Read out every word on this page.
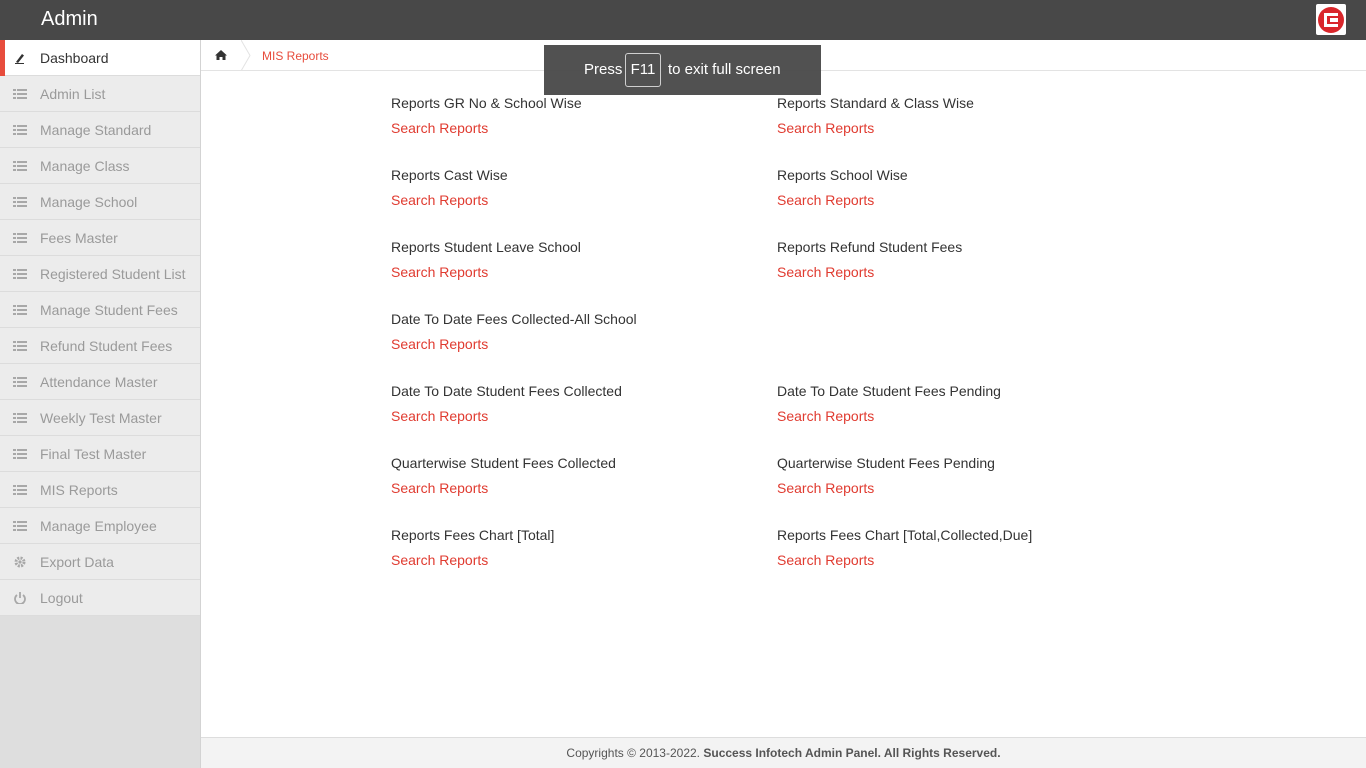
Admin
Dashboard
Admin List
Manage Standard
Manage Class
Manage School
Fees Master
Registered Student List
Manage Student Fees
Refund Student Fees
Attendance Master
Weekly Test Master
Final Test Master
MIS Reports
Manage Employee
Export Data
Logout
MIS Reports
Reports GR No & School Wise
Search Reports
Reports Standard & Class Wise
Search Reports
Reports Cast Wise
Search Reports
Reports School Wise
Search Reports
Reports Student Leave School
Search Reports
Reports Refund Student Fees
Search Reports
Date To Date Fees Collected-All School
Search Reports
Date To Date Student Fees Collected
Search Reports
Date To Date Student Fees Pending
Search Reports
Quarterwise Student Fees Collected
Search Reports
Quarterwise Student Fees Pending
Search Reports
Reports Fees Chart [Total]
Search Reports
Reports Fees Chart [Total,Collected,Due]
Search Reports
Press F11 to exit full screen
Copyrights © 2013-2022. Success Infotech Admin Panel. All Rights Reserved.
